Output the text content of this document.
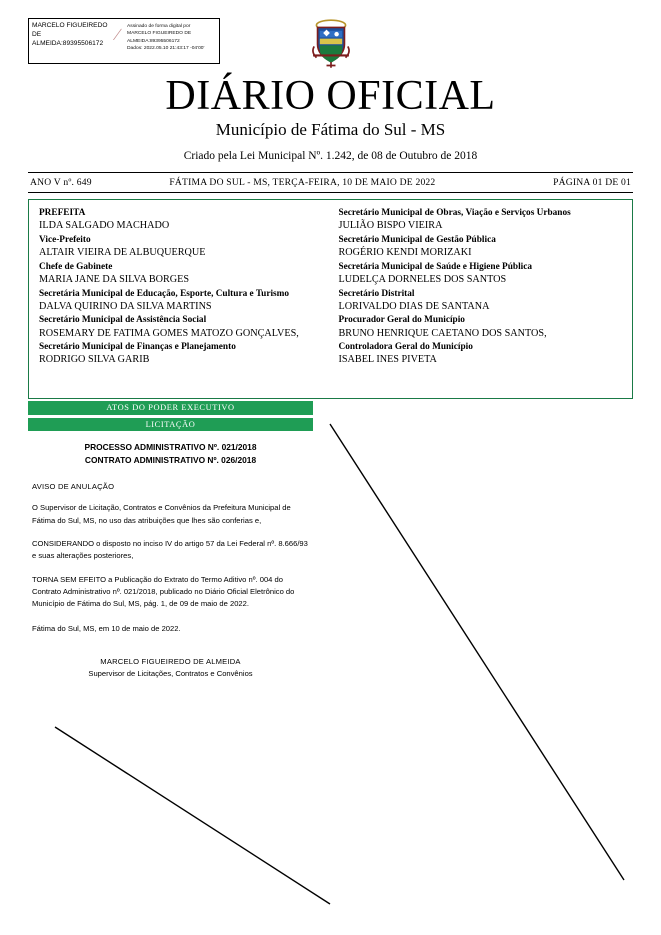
MARCELO FIGUEIREDO DE ALMEIDA:89395506172 ∕ Assinado de forma digital por
MARCELO FIGUEIREDO DE
ALMEIDA:89395506172
Dados: 2022.05.10 21:43:17 -04'00'
DIÁRIO OFICIAL
Município de Fátima do Sul - MS
Criado pela Lei Municipal Nº. 1.242, de 08 de Outubro de 2018
ANO V nº. 649	FÁTIMA DO SUL - MS, TERÇA-FEIRA, 10 DE MAIO DE 2022	PÁGINA 01 DE 01
PREFEITA
ILDA SALGADO MACHADO
Vice-Prefeito
ALTAIR VIEIRA DE ALBUQUERQUE
Chefe de Gabinete
MARIA JANE DA SILVA BORGES
Secretária Municipal de Educação, Esporte, Cultura e Turismo
DALVA QUIRINO DA SILVA MARTINS
Secretário Municipal de Assistência Social
ROSEMARY DE FATIMA GOMES MATOZO GONÇALVES,
Secretário Municipal de Finanças e Planejamento
RODRIGO SILVA GARIB
Secretário Municipal de Obras, Viação e Serviços Urbanos
JULIÃO BISPO VIEIRA
Secretário Municipal de Gestão Pública
ROGÉRIO KENDI MORIZAKI
Secretária Municipal de Saúde e Higiene Pública
LUDELÇA DORNELES DOS SANTOS
Secretário Distrital
LORIVALDO DIAS DE SANTANA
Procurador Geral do Município
BRUNO HENRIQUE CAETANO DOS SANTOS,
Controladora Geral do Município
ISABEL INES PIVETA
ATOS DO PODER EXECUTIVO
LICITAÇÃO
PROCESSO ADMINISTRATIVO Nº. 021/2018
CONTRATO ADMINISTRATIVO Nº. 026/2018
AVISO DE ANULAÇÃO
O Supervisor de Licitação, Contratos e Convênios da Prefeitura Municipal de Fátima do Sul, MS, no uso das atribuições que lhes são conferias e,
CONSIDERANDO o disposto no inciso IV do artigo 57 da Lei Federal nº. 8.666/93 e suas alterações posteriores,
TORNA SEM EFEITO a Publicação do Extrato do Termo Aditivo nº. 004 do Contrato Administrativo nº. 021/2018, publicado no Diário Oficial Eletrônico do Município de Fátima do Sul, MS, pág. 1, de 09 de maio de 2022.
Fátima do Sul, MS, em 10 de maio de 2022.
MARCELO FIGUEIREDO DE ALMEIDA
Supervisor de Licitações, Contratos e Convênios
